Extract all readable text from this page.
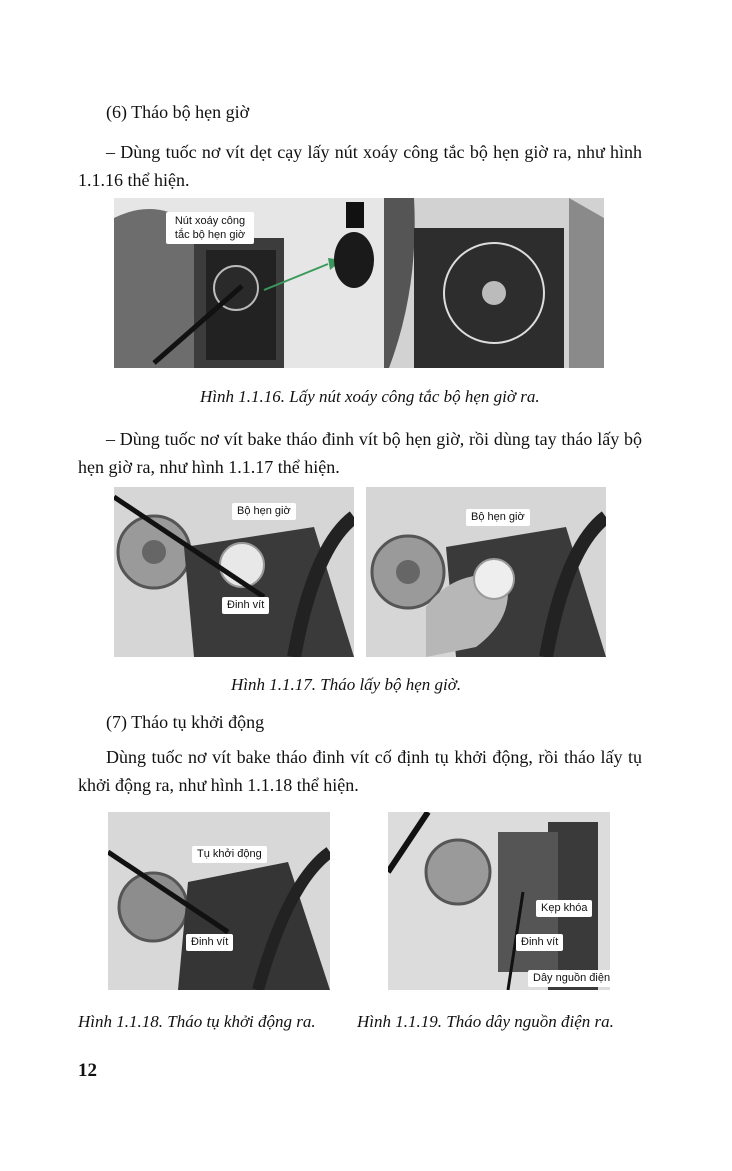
(6) Tháo bộ hẹn giờ

– Dùng tuốc nơ vít dẹt cạy lấy nút xoáy công tắc bộ hẹn giờ ra, như hình 1.1.16 thể hiện.

Nút xoáy công tắc bộ hẹn giờ

Hình 1.1.16. Lấy nút xoáy công tắc bộ hẹn giờ ra.

– Dùng tuốc nơ vít bake tháo đinh vít bộ hẹn giờ, rồi dùng tay tháo lấy bộ hẹn giờ ra, như hình 1.1.17 thể hiện.

Bộ hẹn giờ
Đinh vít
Bộ hẹn giờ

Hình 1.1.17. Tháo lấy bộ hẹn giờ.

(7) Tháo tụ khởi động

Dùng tuốc nơ vít bake tháo đinh vít cố định tụ khởi động, rồi tháo lấy tụ khởi động ra, như hình 1.1.18 thể hiện.

Tụ khởi động
Đinh vít

Hình 1.1.18. Tháo tụ khởi động ra.

Kẹp khóa
Đinh vít
Dây nguồn điện

Hình 1.1.19. Tháo dây nguồn điện ra.

12
